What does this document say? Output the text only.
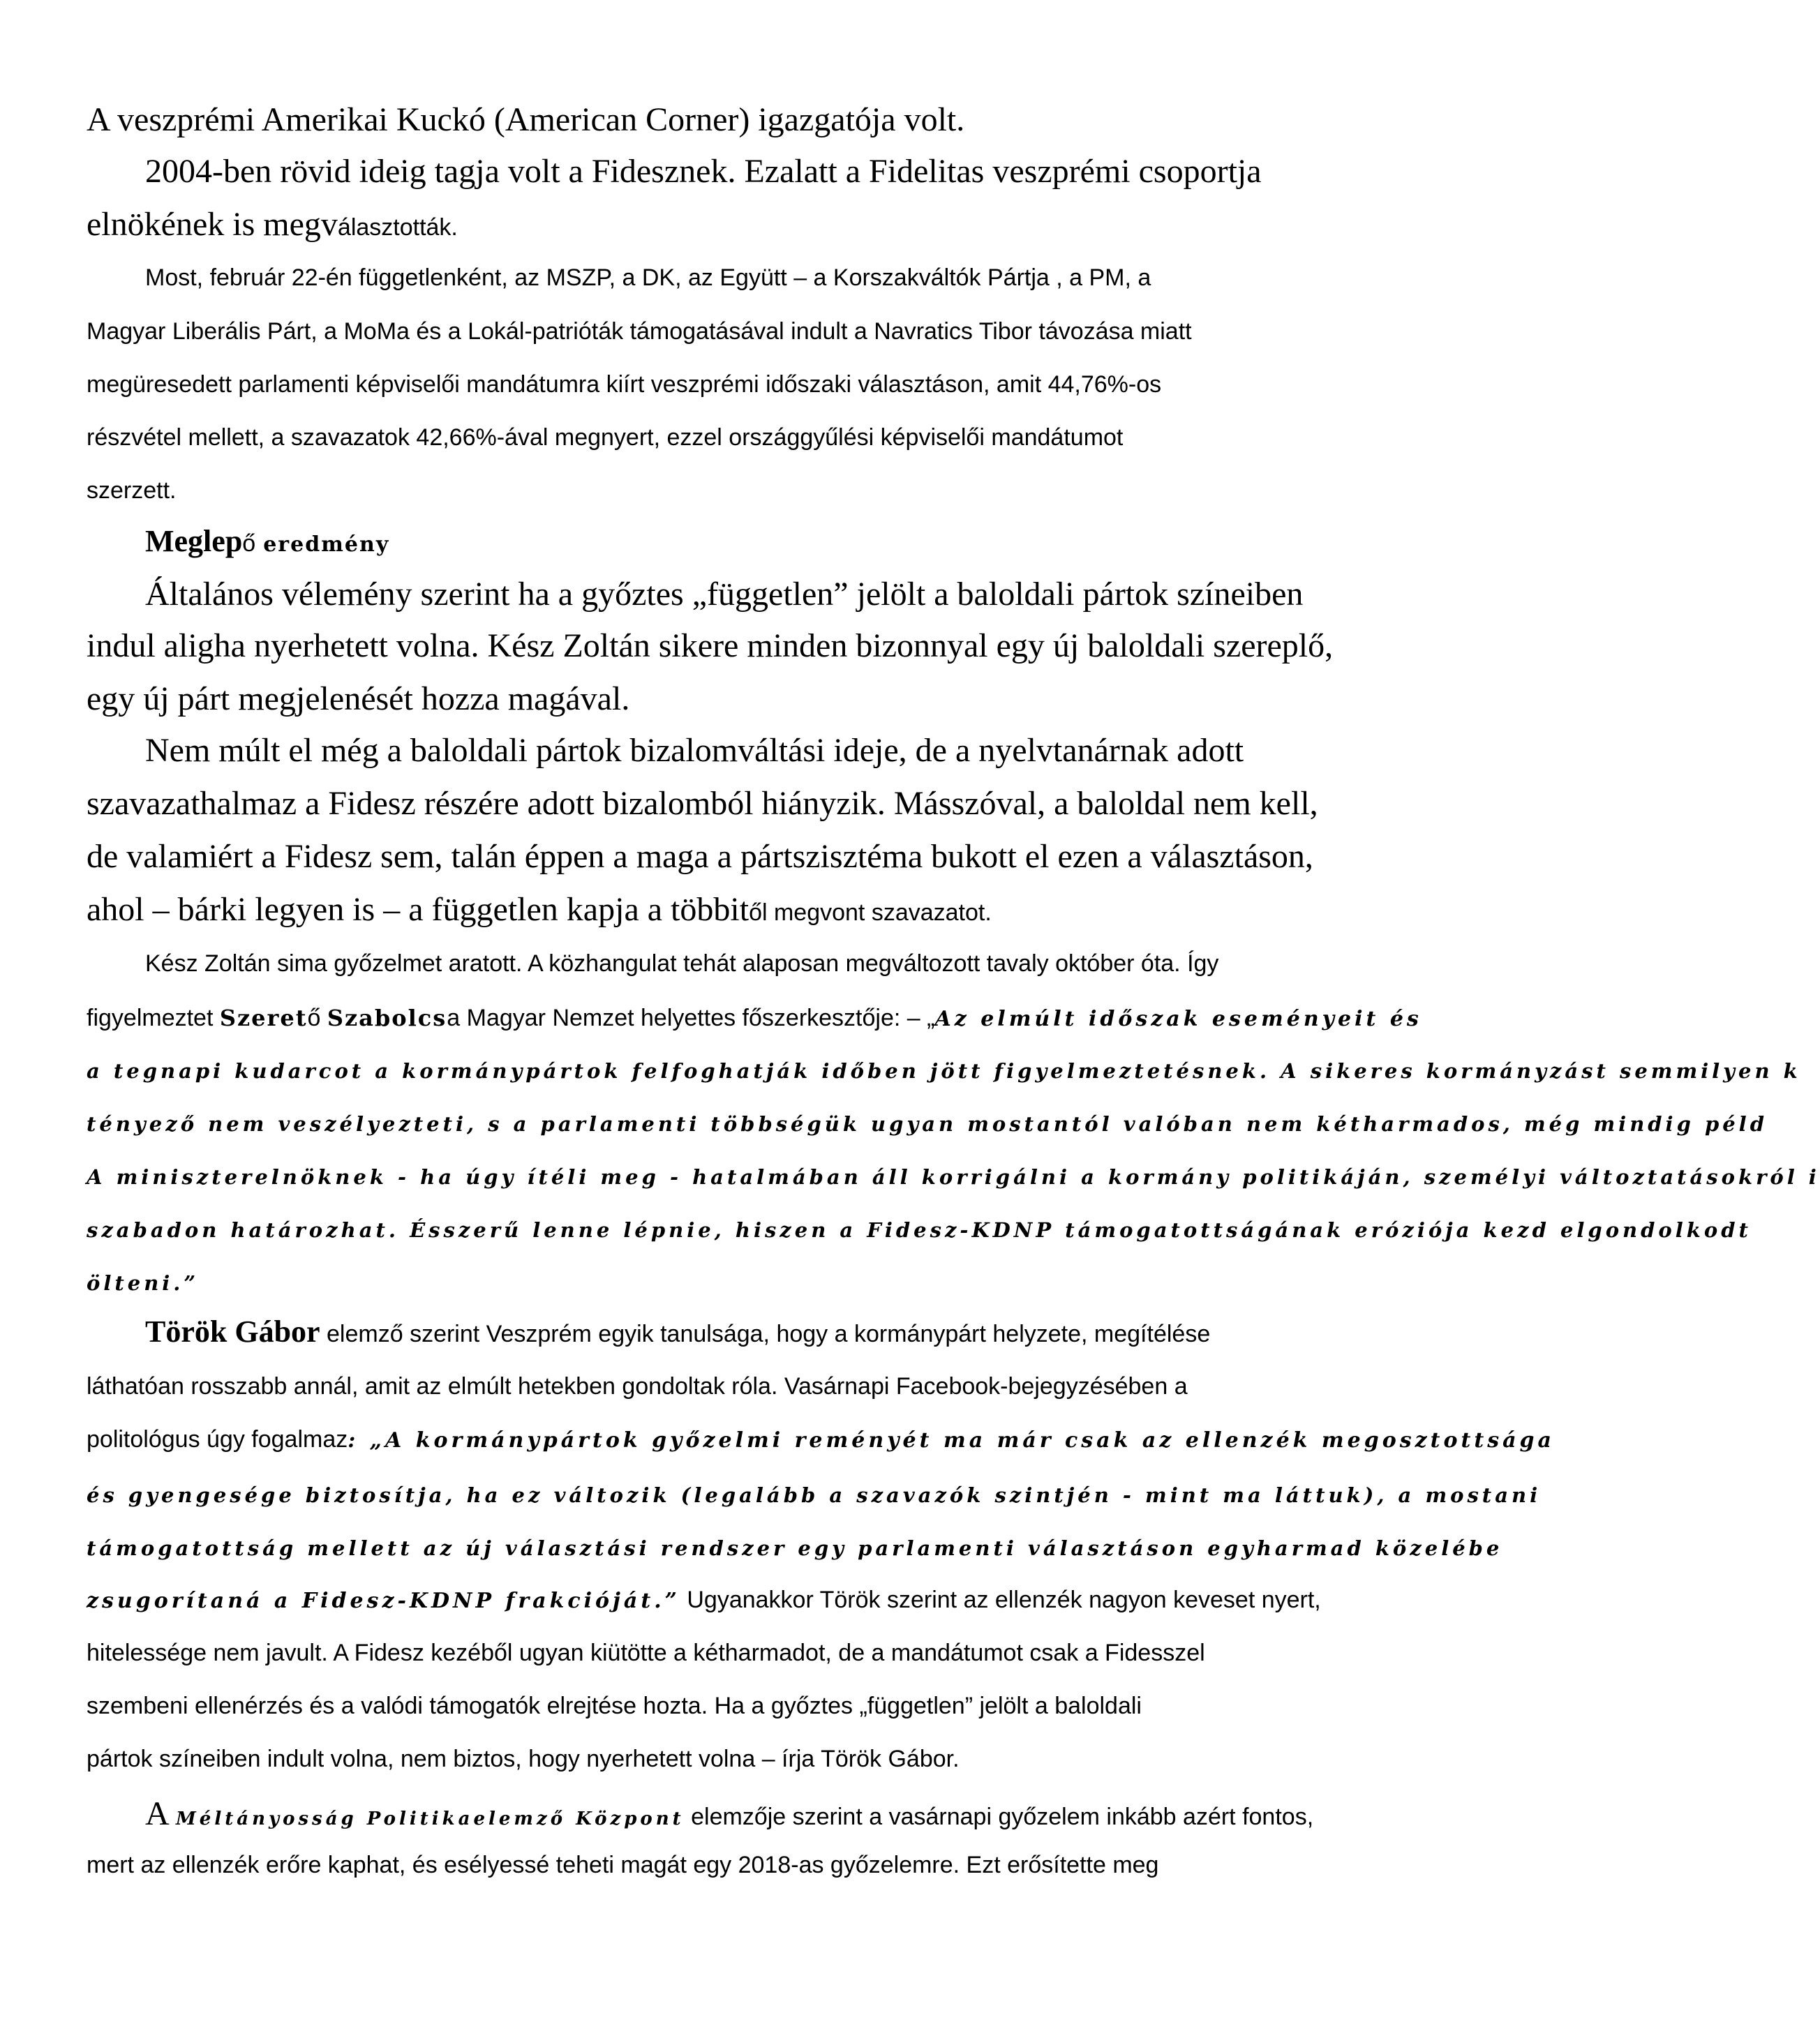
A veszprémi Amerikai Kuckó (American Corner) igazgatója volt.
2004-ben rövid ideig tagja volt a Fidesznek. Ezalatt a Fidelitas veszprémi csoportja
elnökének is megválasztották.
Most, február 22-én függetlenként, az MSZP, a DK, az Együtt – a Korszakváltók Pártja , a PM, a
Magyar Liberális Párt, a MoMa és a Lokál-patrióták támogatásával indult a Navratics Tibor távozása miatt
megüresedett parlamenti képviselői mandátumra kiírt veszprémi időszaki választáson, amit 44,76%-os
részvétel mellett, a szavazatok 42,66%-ával megnyert, ezzel országgyűlési képviselői mandátumot
szerzett.
Meglepő eredmény
Általános vélemény szerint ha a győztes „független” jelölt a baloldali pártok színeiben
indul aligha nyerhetett volna. Kész Zoltán sikere minden bizonnyal egy új baloldali szereplő,
egy új párt megjelenését hozza magával.
Nem múlt el még a baloldali pártok bizalomváltási ideje, de a nyelvtanárnak adott
szavazathalmaz a Fidesz részére adott bizalomból hiányzik. Másszóval, a baloldal nem kell,
de valamiért a Fidesz sem, talán éppen a maga a pártszisztéma bukott el ezen a választáson,
ahol – bárki legyen is – a független kapja a többitől megvont szavazatot.
Kész Zoltán sima győzelmet aratott. A közhangulat tehát alaposan megváltozott tavaly október óta. Így
figyelmeztet Szerető Szabolcsa Magyar Nemzet helyettes főszerkesztője: – „Az elmúlt időszak eseményeit és
a tegnapi kudarcot a kormánypártok felfoghatják időben jött figyelmeztetésnek. A sikeres kormányzást semmilyen k
tényező nem veszélyezteti, s a parlamenti többségük ugyan mostantól valóban nem kétharmados, még mindig péld
A miniszterelnöknek - ha úgy ítéli meg - hatalmában áll korrigálni a kormány politikáján, személyi változtatásokról i
szabadon határozhat. Ésszerű lenne lépnie, hiszen a Fidesz-KDNP támogatottságának eróziója kezd elgondolkodt
ölteni.”
Török Gábor elemző szerint Veszprém egyik tanulsága, hogy a kormánypárt helyzete, megítélése
láthatóan rosszabb annál, amit az elmúlt hetekben gondoltak róla. Vasárnapi Facebook-bejegyzésében a
politológus úgy fogalmaz: „A kormánypártok győzelmi reményét ma már csak az ellenzék megosztottsága
és gyengesége biztosítja, ha ez változik (legalább a szavazók szintjén - mint ma láttuk), a mostani
támogatottság mellett az új választási rendszer egy parlamenti választáson egyharmad közelébe
zsugorítaná a Fidesz-KDNP frakcióját.” Ugyanakkor Török szerint az ellenzék nagyon keveset nyert,
hitelessége nem javult. A Fidesz kezéből ugyan kiütötte a kétharmadot, de a mandátumot csak a Fidesszel
szembeni ellenérzés és a valódi támogatók elrejtése hozta. Ha a győztes „független” jelölt a baloldali
pártok színeiben indult volna, nem biztos, hogy nyerhetett volna – írja Török Gábor.
A Méltányosság Politikaelemző Központ elemzője szerint a vasárnapi győzelem inkább azért fontos,
mert az ellenzék erőre kaphat, és esélyessé teheti magát egy 2018-as győzelemre. Ezt erősítette meg
